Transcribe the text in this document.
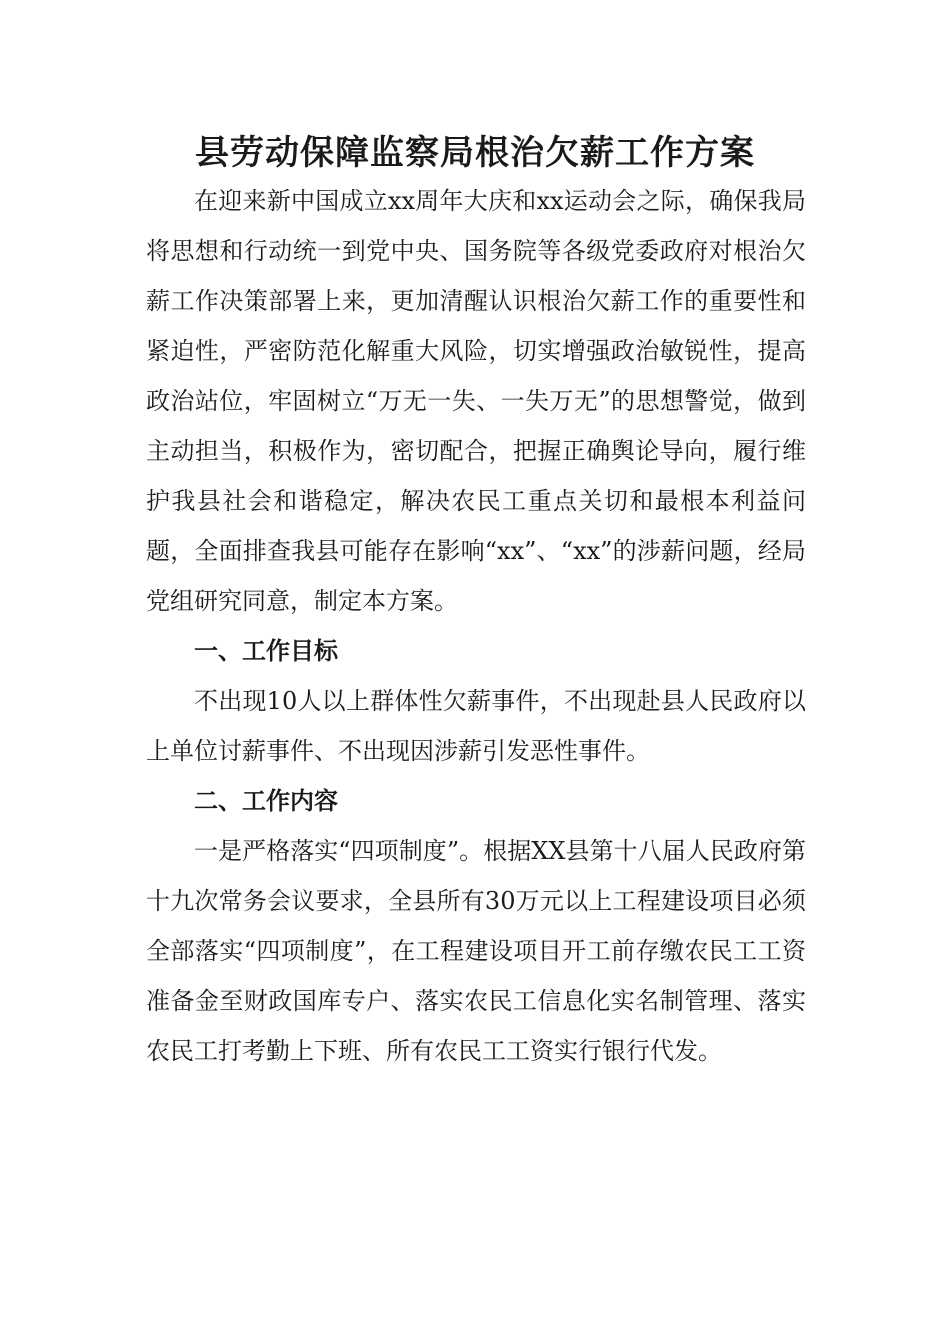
县劳动保障监察局根治欠薪工作方案

在迎来新中国成立xx周年大庆和xx运动会之际，确保我局将思想和行动统一到党中央、国务院等各级党委政府对根治欠薪工作决策部署上来，更加清醒认识根治欠薪工作的重要性和紧迫性，严密防范化解重大风险，切实增强政治敏锐性，提高政治站位，牢固树立“万无一失、一失万无”的思想警觉，做到主动担当，积极作为，密切配合，把握正确舆论导向，履行维护我县社会和谐稳定，解决农民工重点关切和最根本利益问题，全面排查我县可能存在影响“xx”、“xx”的涉薪问题，经局党组研究同意，制定本方案。

一、工作目标

不出现10人以上群体性欠薪事件，不出现赴县人民政府以上单位讨薪事件、不出现因涉薪引发恶性事件。

二、工作内容

一是严格落实“四项制度”。根据XX县第十八届人民政府第十九次常务会议要求，全县所有30万元以上工程建设项目必须全部落实“四项制度”，在工程建设项目开工前存缴农民工工资准备金至财政国库专户、落实农民工信息化实名制管理、落实农民工打考勤上下班、所有农民工工资实行银行代发。
